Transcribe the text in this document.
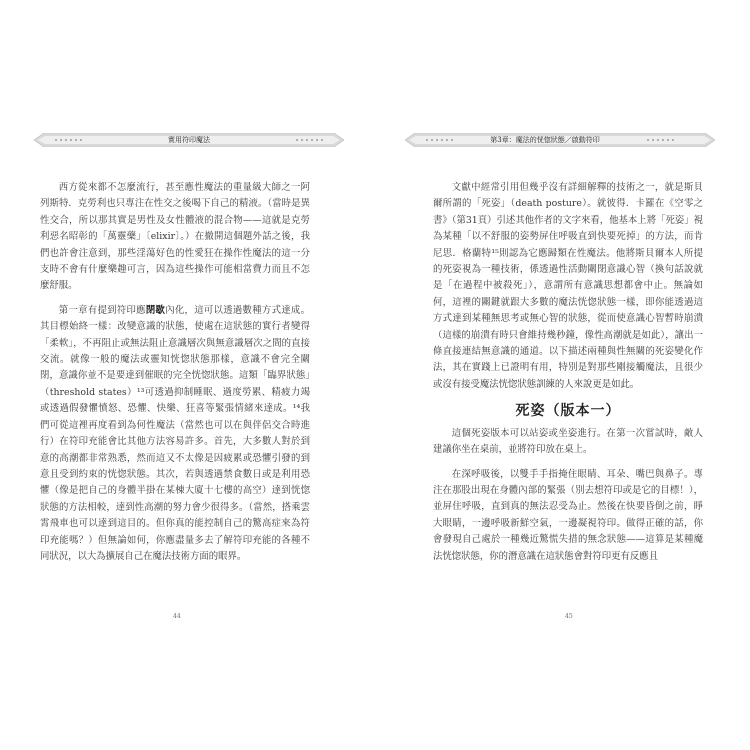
實用符印魔法

西方從來都不怎麼流行，甚至應性魔法的重量級大師之一阿列斯特．克勞利也只專注在性交之後喝下自己的精液。（當時是異性交合，所以那其實是男性及女性體液的混合物——這就是克勞利惡名昭彰的「萬靈藥」〔elixir〕。）在撤開這個題外話之後，我們也許會注意到，那些淫蕩好色的性愛狂在操作性魔法的這一分支時不會有什麼樂趣可言，因為這些操作可能相當費力而且不怎麼舒服。

第一章有提到符印應閉歇內化，這可以透過數種方式達成。其目標始終一樣：改變意識的狀態，使處在這狀態的實行者變得「柔軟」，不再阻止或無法阻止意識層次與無意識層次之間的直接交流。就像一般的魔法或靈知恍惚狀態那樣，意識不會完全關閉，意識你並不是要達到催眠的完全恍惚狀態。這類「臨界狀態」（threshold states）¹³可透過抑制睡眠、過度勞累、精疲力竭或透過假發懼憤怒、恐懼、快樂、狂喜等緊張情緒來達成。¹⁴我們可從這裡再度看到為何性魔法（當然也可以在與伴侶交合時進行）在符印充能會比其他方法容易許多。首先，大多數人對於到意的高潮都非常熟悉，然而這又不太像是因疲累或恐懼引發的到意且受到約束的恍惚狀態。其次，若與透過禁食數日或是利用恐懼（像是把自己的身體半掛在某棟大廈十七樓的高空）達到恍惚狀態的方法相較，達到性高潮的努力會少很得多。（當然，搭乘雲霄飛車也可以達到這目的。但你真的能控制自己的驚高症來為符印充能嗎？）但無論如何，你應盡量多去了解符印充能的各種不同狀況，以大為擴展自己在魔法技術方面的眼界。

44
第3章：魔法的恍惚狀態／啟動符印

文獻中經常引用但幾乎沒有詳細解釋的技術之一，就是斯貝爾所謂的「死姿」（death posture）。就彼得．卡羅在《空零之書》（第31頁）引述其他作者的文字來看，他基本上將「死姿」視為某種「以不舒服的姿勢屏住呼吸直到快要死掉」的方法，而肯尼思．格蘭特¹⁵則認為它應歸類在性魔法。他將斯貝爾本人所提的死姿視為一種技術，係透過性活動關閉意識心智（換句話說就是「在過程中被殺死」），意謂所有意識思想都會中止。無論如何，這裡的關鍵就跟大多數的魔法恍惚狀態一樣，即你能透過這方式達到某種無思考或無心智的狀態，從而使意識心智暫時崩潰（這樣的崩潰有時只會維持幾秒鐘，像性高潮就是如此），讓出一條直接連結無意識的通道。以下描述兩種與性無關的死姿變化作法，其在實踐上已證明有用，特別是對那些剛接觸魔法，且很少或沒有接受魔法恍惚狀態訓練的人來說更是如此。

死姿（版本一）

這個死姿版本可以站姿或坐姿進行。在第一次嘗試時，敵人建議你坐在桌前，並將符印放在桌上。

在深呼吸後，以雙手手指掩住眼睛、耳朵、嘴巴與鼻子。專注在那股出現在身體內部的緊張（別去想符印或是它的目標！），並屏住呼吸，直到真的無法忍受為止。然後在快要昏倒之前，睜大眼睛，一邊呼吸新鮮空氣，一邊凝視符印。做得正確的話，你會發現自己處於一種幾近驚慌失措的無念狀態——這算是某種魔法恍惚狀態，你的潛意識在這狀態會對符印更有反應且

45
